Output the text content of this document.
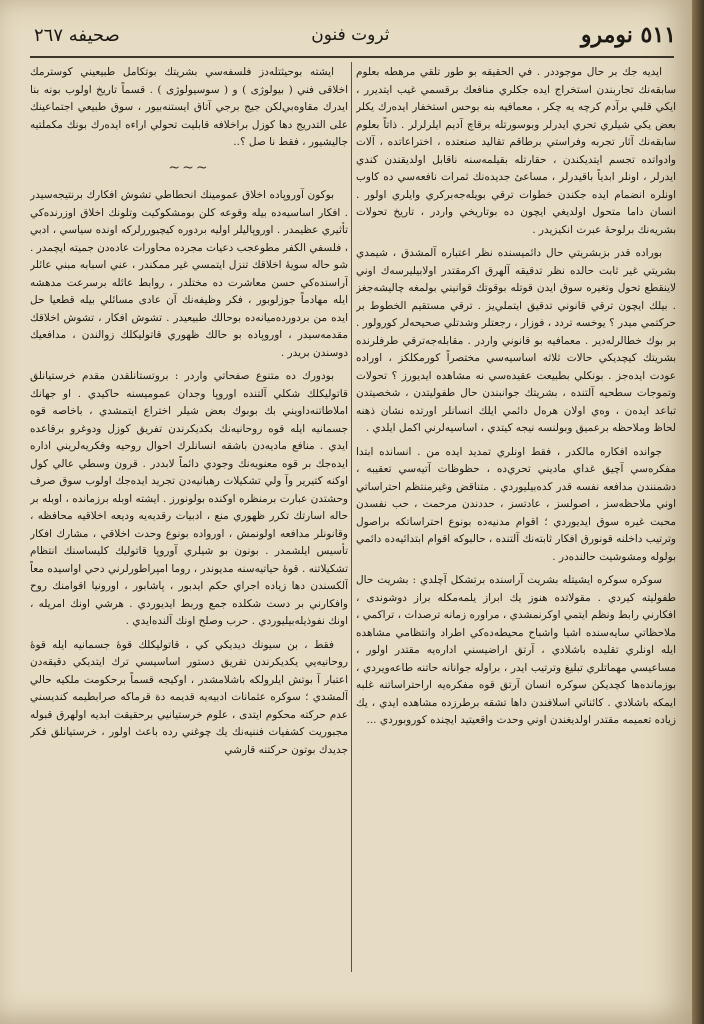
٥١١ نومرو
ثروت فنون
صحيفه ٢٦٧

ايديه جك بر حال موجوددر . في الحقيقه بو طور تلقي مرهطه بعلوم سابقه‌نك تجاربندن استخراج ايده جكلري منافعك برقسمي غيب ايتديرر ، ايكي قلبي برآدم كرچه يه چكر ، معمافيه بنه بوحس استخفار ايده‌رك يكلر بعض يكي شيلري تحري ايدرلر وبوسورتله برقاچ آديم ايلرلرلر . ذاتاً بعلوم سابقه‌نك آثار تجربه وفراستي برطاقم تقاليد صنعتده ، اختراعاتده ، آلات وادواتده تجسم ايتديكندن ، حقارتله بقيلمه‌سنه ناقابل اولديقندن كندي ايدرلر ، اونلر ابدياً باقيدرلر ، مساعئ جديده‌نك ثمرات نافعه‌سي ده كاوب اونلره انضمام ايده جكندن خطوات ترقي بويله‌جه‌بركري وايلري اولور . انسان داما متحول اولديغي ايچون ده بوتاريخي واردر ، تاريخ تحولات بشريه‌نك برلوحهٔ عبرت انكيزيدر .

بوراده قدر بزبشريتي حال دائميسنده نظر اعتباره آلمشدق ، شيمدي بشريتي غير ثابت حالده نظر تدقيقه آلهرق اكرمقتدر اولابيليرسه‌ك اوني لاينقطع تحول وتغيره سوق ايدن قوتله بوقوتك قوانيني بولمغه چاليشه‌جغز . بيلك ايچون ترقي قانوني تدقيق ايتملي‌يز . ترقي مستقيم الخطوط بر حركتمي ميدر ؟ يوخسه تردد ، فوزار ، رجعتلر وشدتلي صحيحه‌لر كورولور . بر بوك خطالرله‌دير . معمافيه بو قانوني واردر . مقابله‌جه‌ترقي طرفلرنده بشريتك كيچديكي حالات ثلاثه اساسيه‌سي مختصراً كورمكلكز ، اوراده عودت ايده‌جز . بونكلي بطبيعت عقيده‌سي نه مشاهده ايديورز ؟ تحولات وتموجات سطحيه آلتنده ، بشريتك جوانبندن حال طفوليتدن ، شخصيتدن تباعد ايده‌ن ، وه‌ي اولان هره‌ل دائمي ايلك انسانلر اورتده نشان ذهنه لحاظ وملاحظه برعميق وبولنسه نيجه كيتدي ، اساسيه‌لرني اكمل ايلدي .

جوانده افكاره مالكدر ، فقط اونلري تمديد ايده من . انسانده ابتدا مفكره‌سي آچيق غداي ماديني تحري‌ده ، حظوظات آتيه‌سي تعقيبه ، دشمنندن مدافعه نفسه قدر كده‌بيليوردي . متناقض وغيرمنتظم احتراساتي اوني ملاحظه‌سز ، اصولسز ، عادتسز ، حددندن مرحمت ، حب نفسدن محبت غيره سوق ايديوردي ؛ اقوام مدنيه‌ده بونوع احتراساتكه براصول وترتيب داخلنه قونورق افكار ثابته‌نك آلتنده ، حالبوكه اقوام ابتدائيه‌ده دائمي بولوله ومشوشيت حالنده‌در .

سوكره سوكره ايشيتله بشريت آراسنده برتشكل آچلدي : بشريت حال طفوليته كيردي . مقولاتده هنوز يك ابراز يلمه‌مكله براز دوشوندى ، افكارني رابط ونظم ايتمي اوكرنمشدي ، مراوره زمانه ترصدات ، تراكمي ، ملاحظاتي سايه‌سنده اشيا واشباح محيطه‌ده‌كي اطراد وانتظامي مشاهده ايله اونلري تقليده باشلادي ، آرتق اراضيسني اداره‌يه مقتدر اولور ، مساعيسي مهماتلري تبليغ وترتيب ايدر ، براوله جوانانه حاتنه طاعه‌ويردي ، بوزمانده‌ها كچديكن سوكره انسان آرتق قوه مفكره‌يه اراحتراساتنه غلبه ايمكه باشلادي . كائناتي اسلافندن داها تشقه برطرزده مشاهده ايدي ، يك زياده تعميمه مقتدر اولديغندن اوني وحدت واقعيتيد ايچنده كوروبوردي ...

ايشته بوحيثتله‌دز فلسفه‌سي بشريتك بوتكامل طبيعيني كوسترمك اخلاقى فني ( بيولوژى ) و ( سوسيولوژى ) . قسماً تاريخ اولوب بونه بنا ايدرك مقاوه‌بي‌لكن جيج برجي آتاق ايستنه‌بيور ، سوق طبيعي اجتماعينك على التدريج دها كوزل براخلافه قابليت تحولي اراءه ايده‌رك بونك مكملتيه جاليشيور ، فقط نا صل ؟..

~~~

بوكون آوروپاده اخلاق عمومينك انحطاطي تشوش افكارك برنتيجه‌سيدر . افكار اساسيه‌ده بيله وقوعه كلن بومشكوكيت وتلونك اخلاق اوزرنده‌كي تأثيري عظيمدر . اوروپاليلر اوليه بردوره كيچيوررلركه اونده سياسي ، ادبي ، فلسفي الكفر مطوعجب دعيات مجرده محاورات عاده‌دن جميته ايچمدر . شو حاله سويهٔ اخلاقك تنزل ايتمسي غير ممكندر ، عني اسبابه مبني عائلر آراسنده‌كي حسن معاشرت ده مختلدر ، روابط عائله برسرعت مدهشه ايله مهادماً جوزلوبور ، فكر وظيفه‌نك آن عادى مسائلي بيله قطعيا حل ايده من بردورده‌ميانه‌ده بوحالك طبيعيدر . تشوش افكار ، تشوش اخلاقك مقدمه‌سيدر ، اوروپاده بو حالك ظهوري قاتوليكلك زوالندن ، مدافعيك دوسندن بريدر .

بودورك ده متنوع صفحاتي واردر : بروتستانلقدن مقدم خرستيانلق قاتوليكلك شكلي آلتنده اوروپا وجدان عموميسنه حاكيدي . او جهانك املاطاتنه‌داويني بك بوبوك بعض شيلر اختراع ايتمشدي ، باخاصه قوه جسمانيه ايله قوه روحانيه‌نك بكديكرندن تفريق كوزل ودوغرو برقاعده ايدي . منافع ماديه‌دن باشقه انسانلرك احوال روحيه وفكريه‌لريني اداره ايده‌جك بر قوه معنويه‌نك وجودي دائماً لابددر . قرون وسطي عالي كول اوكنه كتيرير وآ ولي تشكيلات رهبانيه‌دن تجريد ايده‌جك اولوب سوق صرف وحشتدن عبارت برمنظره اوكنده بولونورز . ايشته اوبله برزمانده ، اوبله بر حاله اسارتك تكرر ظهوري منع ، ادبيات رقديه‌يه وديعه اخلاقيه محافظه ، وقانونلر مدافعه اولونمش ، اورواده بونوع وحدت اخلاقي ، مشارك افكار تأسيس ايلشمدر . بونون بو شيلري آوروپا قاتوليك كليساسنك انتظام تشكيلاتنه . قوهٔ حياتيه‌سنه مديوندر ، روما امپراطورلرني دحي اواسيده معاً آلكسندن دها زياده اجراي حكم ايدبور ، پاشابور ، اورونيا اقوامنك روح وافكارني بر دست شكلده جمع وربط ايديوردي . هرشي اونك امريله ، اونك نفوذيله‌بيليوردي . حرب وصلح اونك آلنده‌ايدي .

فقط ، بن سيونك ديديكي كي ، قاتوليكلك قوهٔ جسمانيه ايله قوهٔ روحانيه‌يي يكديكرندن تفريق دستور اساسيسي ترك ايتديكي دقيقه‌دن اعتبار آ بوتش ايلرولكه باشلامشدر ، اوكيجه قسماً برحكومت ملكيه حالي آلمشدي ؛ سوكره عثمانات ادبيه‌يه قديمه دة قرماكه صرابطيمه كنديسني عدم حركته محكوم ايتدى ، علوم خرستيانيي برحقيقت ابديه اولهرق قبوله مجبوريت كشفيات فننيه‌نك يك چوغني رده باعث اولور ، خرستيانلق فكر جديدك بوتون حركتنه قارشي
